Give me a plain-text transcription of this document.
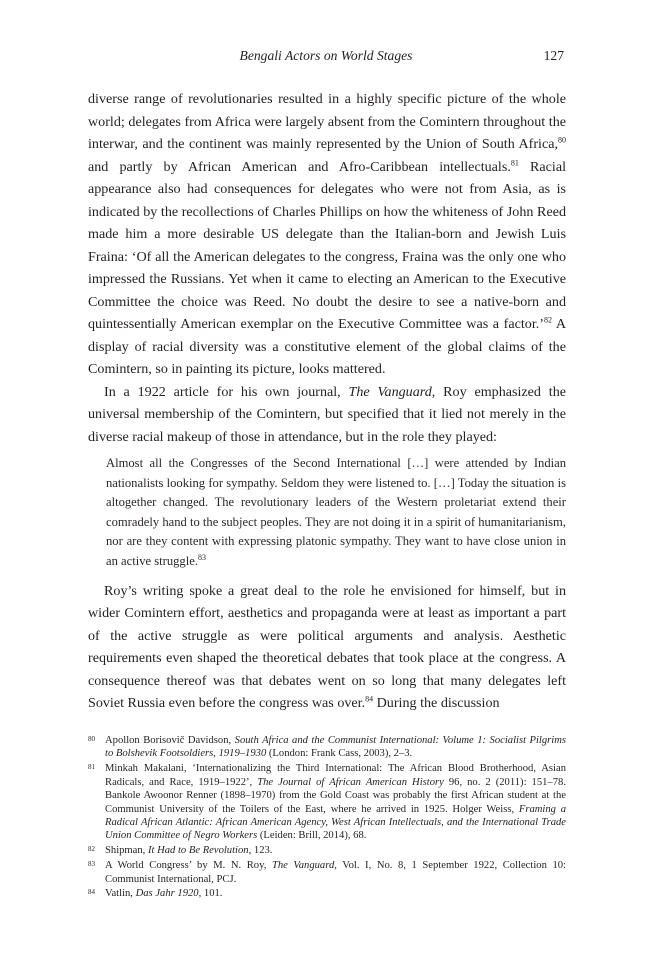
Bengali Actors on World Stages	127

diverse range of revolutionaries resulted in a highly specific picture of the whole world; delegates from Africa were largely absent from the Comintern throughout the interwar, and the continent was mainly represented by the Union of South Africa,$^{80}$ and partly by African American and Afro-Caribbean intellectuals.$^{81}$ Racial appearance also had consequences for delegates who were not from Asia, as is indicated by the recollections of Charles Phillips on how the whiteness of John Reed made him a more desirable US delegate than the Italian-born and Jewish Luis Fraina: ‘Of all the American delegates to the congress, Fraina was the only one who impressed the Russians. Yet when it came to electing an American to the Executive Committee the choice was Reed. No doubt the desire to see a native-born and quintessentially American exemplar on the Executive Committee was a factor.’$^{82}$ A display of racial diversity was a constitutive element of the global claims of the Comintern, so in painting its picture, looks mattered.

In a 1922 article for his own journal, The Vanguard, Roy emphasized the universal membership of the Comintern, but specified that it lied not merely in the diverse racial makeup of those in attendance, but in the role they played:

Almost all the Congresses of the Second International […] were attended by Indian nationalists looking for sympathy. Seldom they were listened to. […] Today the situation is altogether changed. The revolutionary leaders of the Western proletariat extend their comradely hand to the subject peoples. They are not doing it in a spirit of humanitarianism, nor are they content with expressing platonic sympathy. They want to have close union in an active struggle.$^{83}$

Roy’s writing spoke a great deal to the role he envisioned for himself, but in wider Comintern effort, aesthetics and propaganda were at least as important a part of the active struggle as were political arguments and analysis. Aesthetic requirements even shaped the theoretical debates that took place at the congress. A consequence thereof was that debates went on so long that many delegates left Soviet Russia even before the congress was over.$^{84}$ During the discussion

80 Apollon Borisovič Davidson, South Africa and the Communist International: Volume 1: Socialist Pilgrims to Bolshevik Footsoldiers, 1919–1930 (London: Frank Cass, 2003), 2–3.
81 Minkah Makalani, ‘Internationalizing the Third International: The African Blood Brotherhood, Asian Radicals, and Race, 1919–1922’, The Journal of African American History 96, no. 2 (2011): 151–78. Bankole Awoonor Renner (1898–1970) from the Gold Coast was probably the first African student at the Communist University of the Toilers of the East, where he arrived in 1925. Holger Weiss, Framing a Radical African Atlantic: African American Agency, West African Intellectuals, and the International Trade Union Committee of Negro Workers (Leiden: Brill, 2014), 68.
82 Shipman, It Had to Be Revolution, 123.
83 A World Congress’ by M. N. Roy, The Vanguard, Vol. I, No. 8, 1 September 1922, Collection 10: Communist International, PCJ.
84 Vatlin, Das Jahr 1920, 101.
